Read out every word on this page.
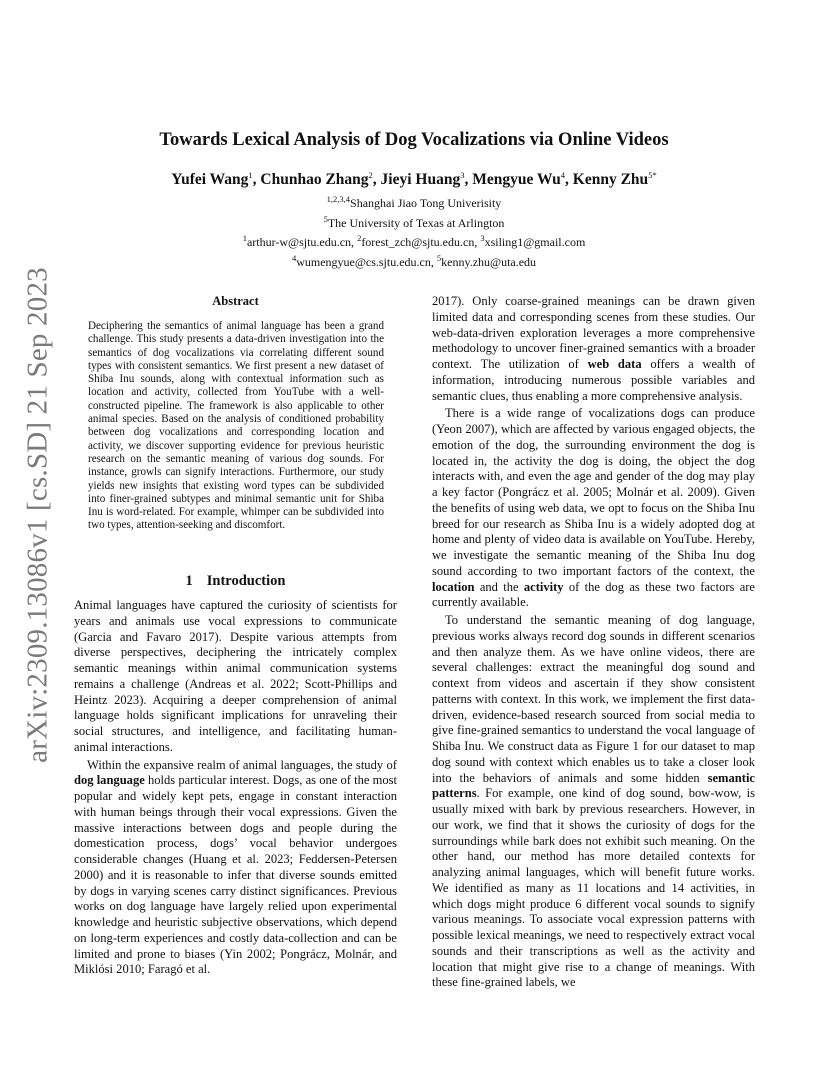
arXiv:2309.13086v1 [cs.SD] 21 Sep 2023
Towards Lexical Analysis of Dog Vocalizations via Online Videos
Yufei Wang$^1$, Chunhao Zhang$^2$, Jieyi Huang$^3$, Mengyue Wu$^4$, Kenny Zhu$^{5*}$
$^{1,2,3,4}$Shanghai Jiao Tong Univerisity
$^5$The University of Texas at Arlington
$^1$arthur-w@sjtu.edu.cn, $^2$forest_zch@sjtu.edu.cn, $^3$xsiling1@gmail.com
$^4$wumengyue@cs.sjtu.edu.cn, $^5$kenny.zhu@uta.edu
Abstract

Deciphering the semantics of animal language has been a grand challenge. This study presents a data-driven investigation into the semantics of dog vocalizations via correlating different sound types with consistent semantics. We first present a new dataset of Shiba Inu sounds, along with contextual information such as location and activity, collected from YouTube with a well-constructed pipeline. The framework is also applicable to other animal species. Based on the analysis of conditioned probability between dog vocalizations and corresponding location and activity, we discover supporting evidence for previous heuristic research on the semantic meaning of various dog sounds. For instance, growls can signify interactions. Furthermore, our study yields new insights that existing word types can be subdivided into finer-grained subtypes and minimal semantic unit for Shiba Inu is word-related. For example, whimper can be subdivided into two types, attention-seeking and discomfort.

1 Introduction

Animal languages have captured the curiosity of scientists for years and animals use vocal expressions to communicate (Garcia and Favaro 2017). Despite various attempts from diverse perspectives, deciphering the intricately complex semantic meanings within animal communication systems remains a challenge (Andreas et al. 2022; Scott-Phillips and Heintz 2023). Acquiring a deeper comprehension of animal language holds significant implications for unraveling their social structures, and intelligence, and facilitating human-animal interactions.

Within the expansive realm of animal languages, the study of dog language holds particular interest. Dogs, as one of the most popular and widely kept pets, engage in constant interaction with human beings through their vocal expressions. Given the massive interactions between dogs and people during the domestication process, dogs’ vocal behavior undergoes considerable changes (Huang et al. 2023; Feddersen-Petersen 2000) and it is reasonable to infer that diverse sounds emitted by dogs in varying scenes carry distinct significances. Previous works on dog language have largely relied upon experimental knowledge and heuristic subjective observations, which depend on long-term experiences and costly data-collection and can be limited and prone to biases (Yin 2002; Pongrácz, Molnár, and Miklósi 2010; Faragó et al.

2017). Only coarse-grained meanings can be drawn given limited data and corresponding scenes from these studies. Our web-data-driven exploration leverages a more comprehensive methodology to uncover finer-grained semantics with a broader context. The utilization of web data offers a wealth of information, introducing numerous possible variables and semantic clues, thus enabling a more comprehensive analysis.

There is a wide range of vocalizations dogs can produce (Yeon 2007), which are affected by various engaged objects, the emotion of the dog, the surrounding environment the dog is located in, the activity the dog is doing, the object the dog interacts with, and even the age and gender of the dog may play a key factor (Pongrácz et al. 2005; Molnár et al. 2009). Given the benefits of using web data, we opt to focus on the Shiba Inu breed for our research as Shiba Inu is a widely adopted dog at home and plenty of video data is available on YouTube. Hereby, we investigate the semantic meaning of the Shiba Inu dog sound according to two important factors of the context, the location and the activity of the dog as these two factors are currently available.

To understand the semantic meaning of dog language, previous works always record dog sounds in different scenarios and then analyze them. As we have online videos, there are several challenges: extract the meaningful dog sound and context from videos and ascertain if they show consistent patterns with context. In this work, we implement the first data-driven, evidence-based research sourced from social media to give fine-grained semantics to understand the vocal language of Shiba Inu. We construct data as Figure 1 for our dataset to map dog sound with context which enables us to take a closer look into the behaviors of animals and some hidden semantic patterns. For example, one kind of dog sound, bow-wow, is usually mixed with bark by previous researchers. However, in our work, we find that it shows the curiosity of dogs for the surroundings while bark does not exhibit such meaning. On the other hand, our method has more detailed contexts for analyzing animal languages, which will benefit future works. We identified as many as 11 locations and 14 activities, in which dogs might produce 6 different vocal sounds to signify various meanings. To associate vocal expression patterns with possible lexical meanings, we need to respectively extract vocal sounds and their transcriptions as well as the activity and location that might give rise to a change of meanings. With these fine-grained labels, we
